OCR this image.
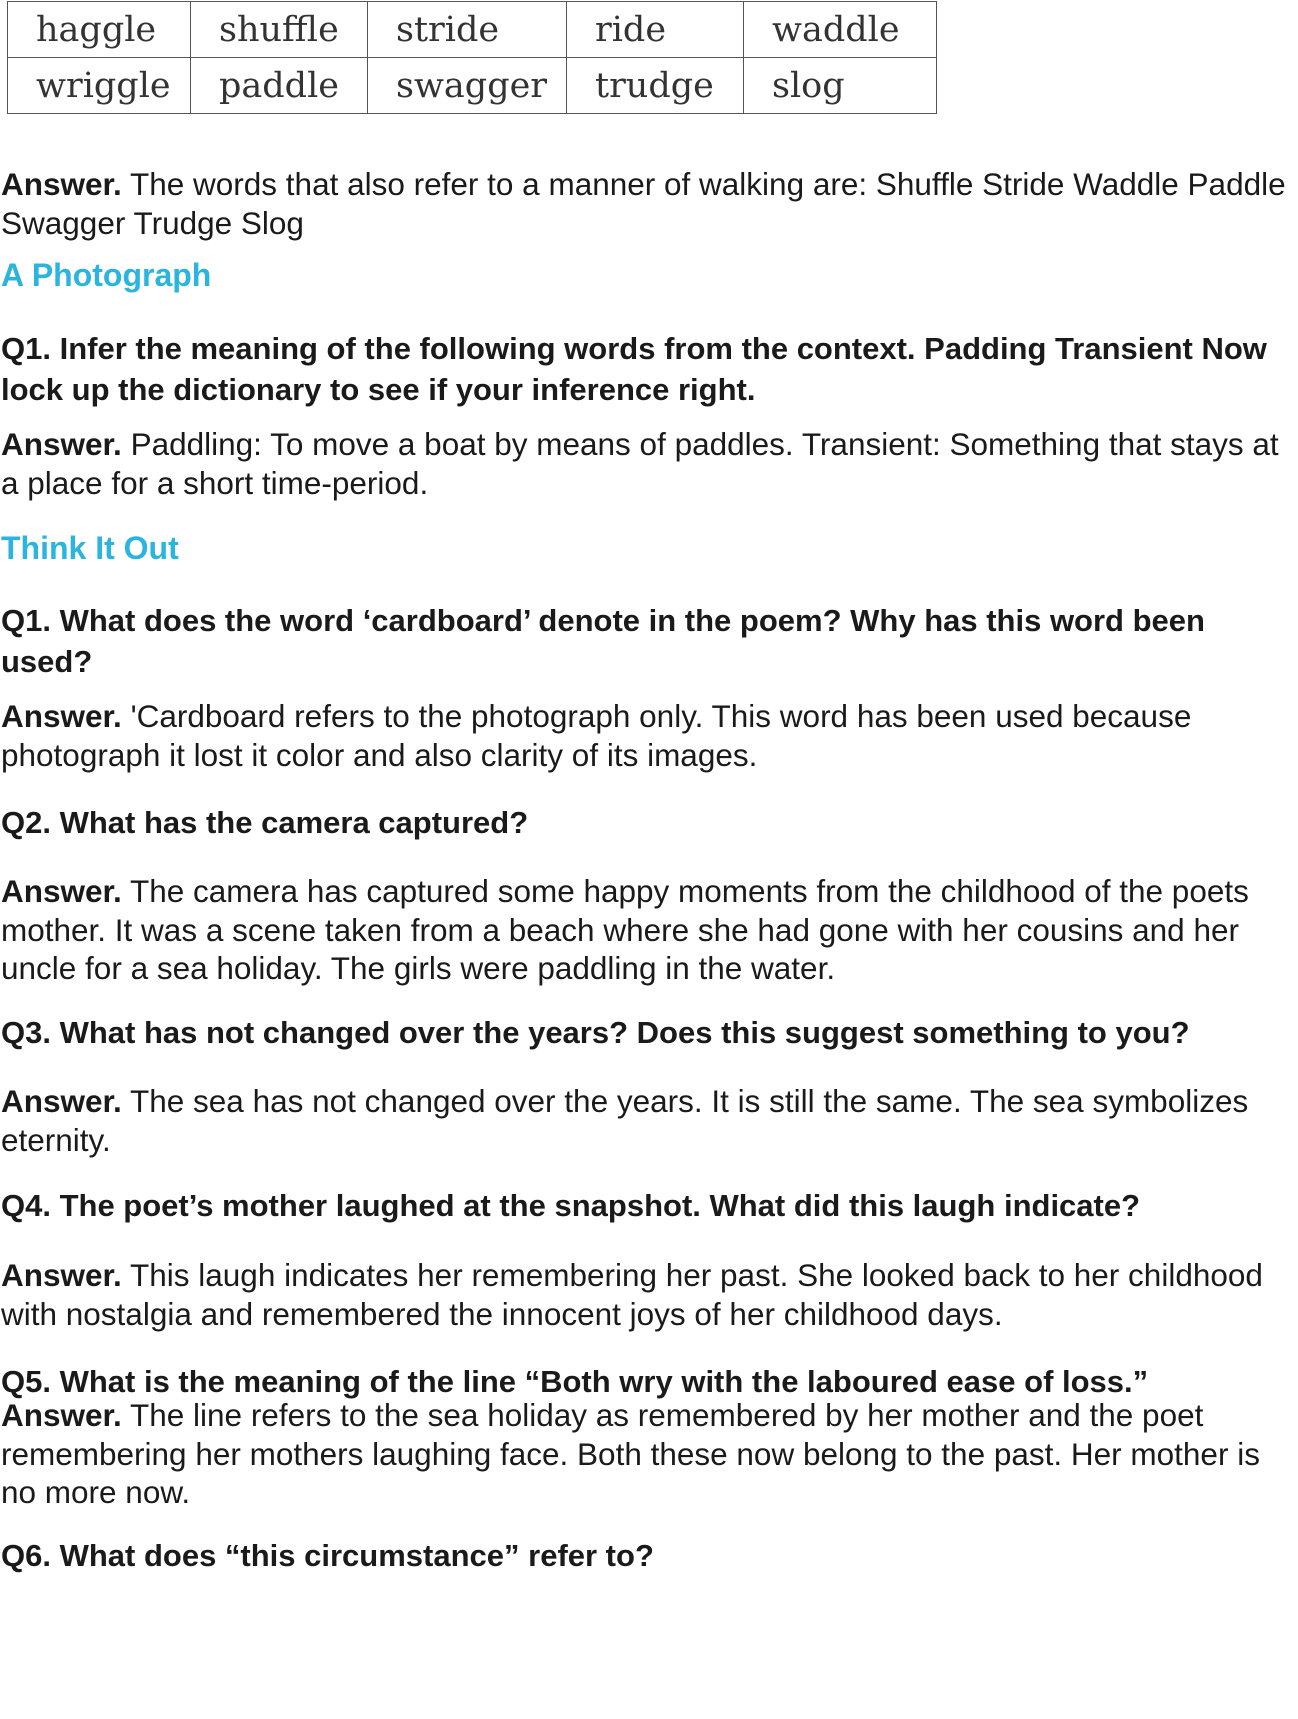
haggle	shuffle	stride	ride	waddle
wriggle	paddle	swagger	trudge	slog

Answer. The words that also refer to a manner of walking are: Shuffle Stride Waddle Paddle Swagger Trudge Slog

A Photograph

Q1. Infer the meaning of the following words from the context. Padding Transient Now lock up the dictionary to see if your inference right.

Answer. Paddling: To move a boat by means of paddles. Transient: Something that stays at a place for a short time-period.

Think It Out

Q1. What does the word ‘cardboard’ denote in the poem? Why has this word been used?

Answer. 'Cardboard refers to the photograph only. This word has been used because photograph it lost it color and also clarity of its images.

Q2. What has the camera captured?

Answer. The camera has captured some happy moments from the childhood of the poets mother. It was a scene taken from a beach where she had gone with her cousins and her uncle for a sea holiday. The girls were paddling in the water.

Q3. What has not changed over the years? Does this suggest something to you?

Answer. The sea has not changed over the years. It is still the same. The sea symbolizes eternity.

Q4. The poet’s mother laughed at the snapshot. What did this laugh indicate?

Answer. This laugh indicates her remembering her past. She looked back to her childhood with nostalgia and remembered the innocent joys of her childhood days.

Q5. What is the meaning of the line “Both wry with the laboured ease of loss.”

Answer. The line refers to the sea holiday as remembered by her mother and the poet remembering her mothers laughing face. Both these now belong to the past. Her mother is no more now.

Q6. What does “this circumstance” refer to?
